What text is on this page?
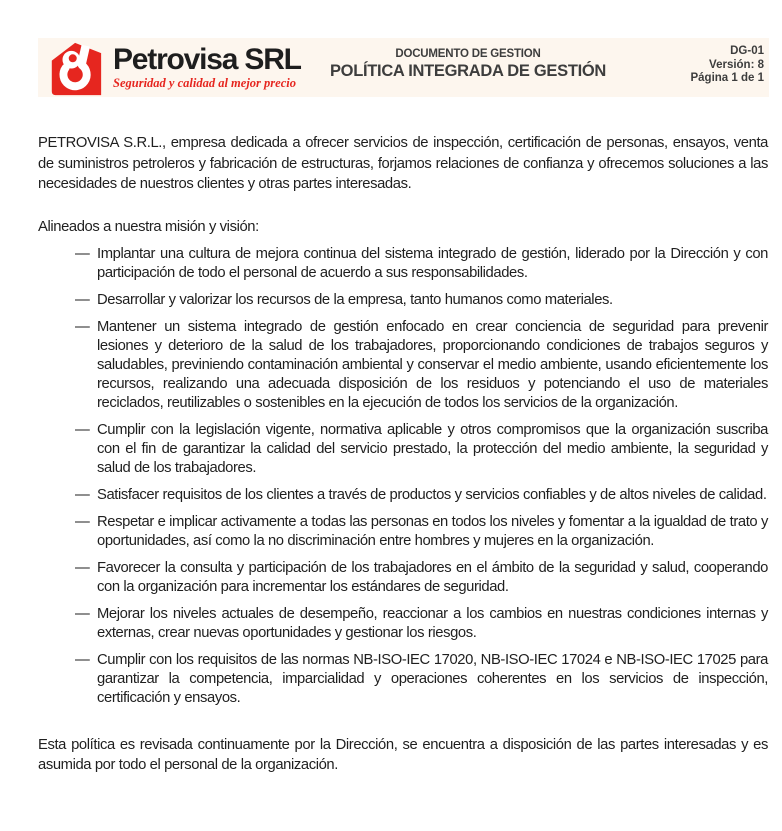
Petrovisa SRL
Seguridad y calidad al mejor precio
DOCUMENTO DE GESTION
POLÍTICA INTEGRADA DE GESTIÓN
DG-01
Versión: 8
Página 1 de 1

PETROVISA S.R.L., empresa dedicada a ofrecer servicios de inspección, certificación de personas, ensayos, venta de suministros petroleros y fabricación de estructuras, forjamos relaciones de confianza y ofrecemos soluciones a las necesidades de nuestros clientes y otras partes interesadas.

Alineados a nuestra misión y visión:

— Implantar una cultura de mejora continua del sistema integrado de gestión, liderado por la Dirección y con participación de todo el personal de acuerdo a sus responsabilidades.
— Desarrollar y valorizar los recursos de la empresa, tanto humanos como materiales.
— Mantener un sistema integrado de gestión enfocado en crear conciencia de seguridad para prevenir lesiones y deterioro de la salud de los trabajadores, proporcionando condiciones de trabajos seguros y saludables, previniendo contaminación ambiental y conservar el medio ambiente, usando eficientemente los recursos, realizando una adecuada disposición de los residuos y potenciando el uso de materiales reciclados, reutilizables o sostenibles en la ejecución de todos los servicios de la organización.
— Cumplir con la legislación vigente, normativa aplicable y otros compromisos que la organización suscriba con el fin de garantizar la calidad del servicio prestado, la protección del medio ambiente, la seguridad y salud de los trabajadores.
— Satisfacer requisitos de los clientes a través de productos y servicios confiables y de altos niveles de calidad.
— Respetar e implicar activamente a todas las personas en todos los niveles y fomentar a la igualdad de trato y oportunidades, así como la no discriminación entre hombres y mujeres en la organización.
— Favorecer la consulta y participación de los trabajadores en el ámbito de la seguridad y salud, cooperando con la organización para incrementar los estándares de seguridad.
— Mejorar los niveles actuales de desempeño, reaccionar a los cambios en nuestras condiciones internas y externas, crear nuevas oportunidades y gestionar los riesgos.
— Cumplir con los requisitos de las normas NB-ISO-IEC 17020, NB-ISO-IEC 17024 e NB-ISO-IEC 17025 para garantizar la competencia, imparcialidad y operaciones coherentes en los servicios de inspección, certificación y ensayos.

Esta política es revisada continuamente por la Dirección, se encuentra a disposición de las partes interesadas y es asumida por todo el personal de la organización.
